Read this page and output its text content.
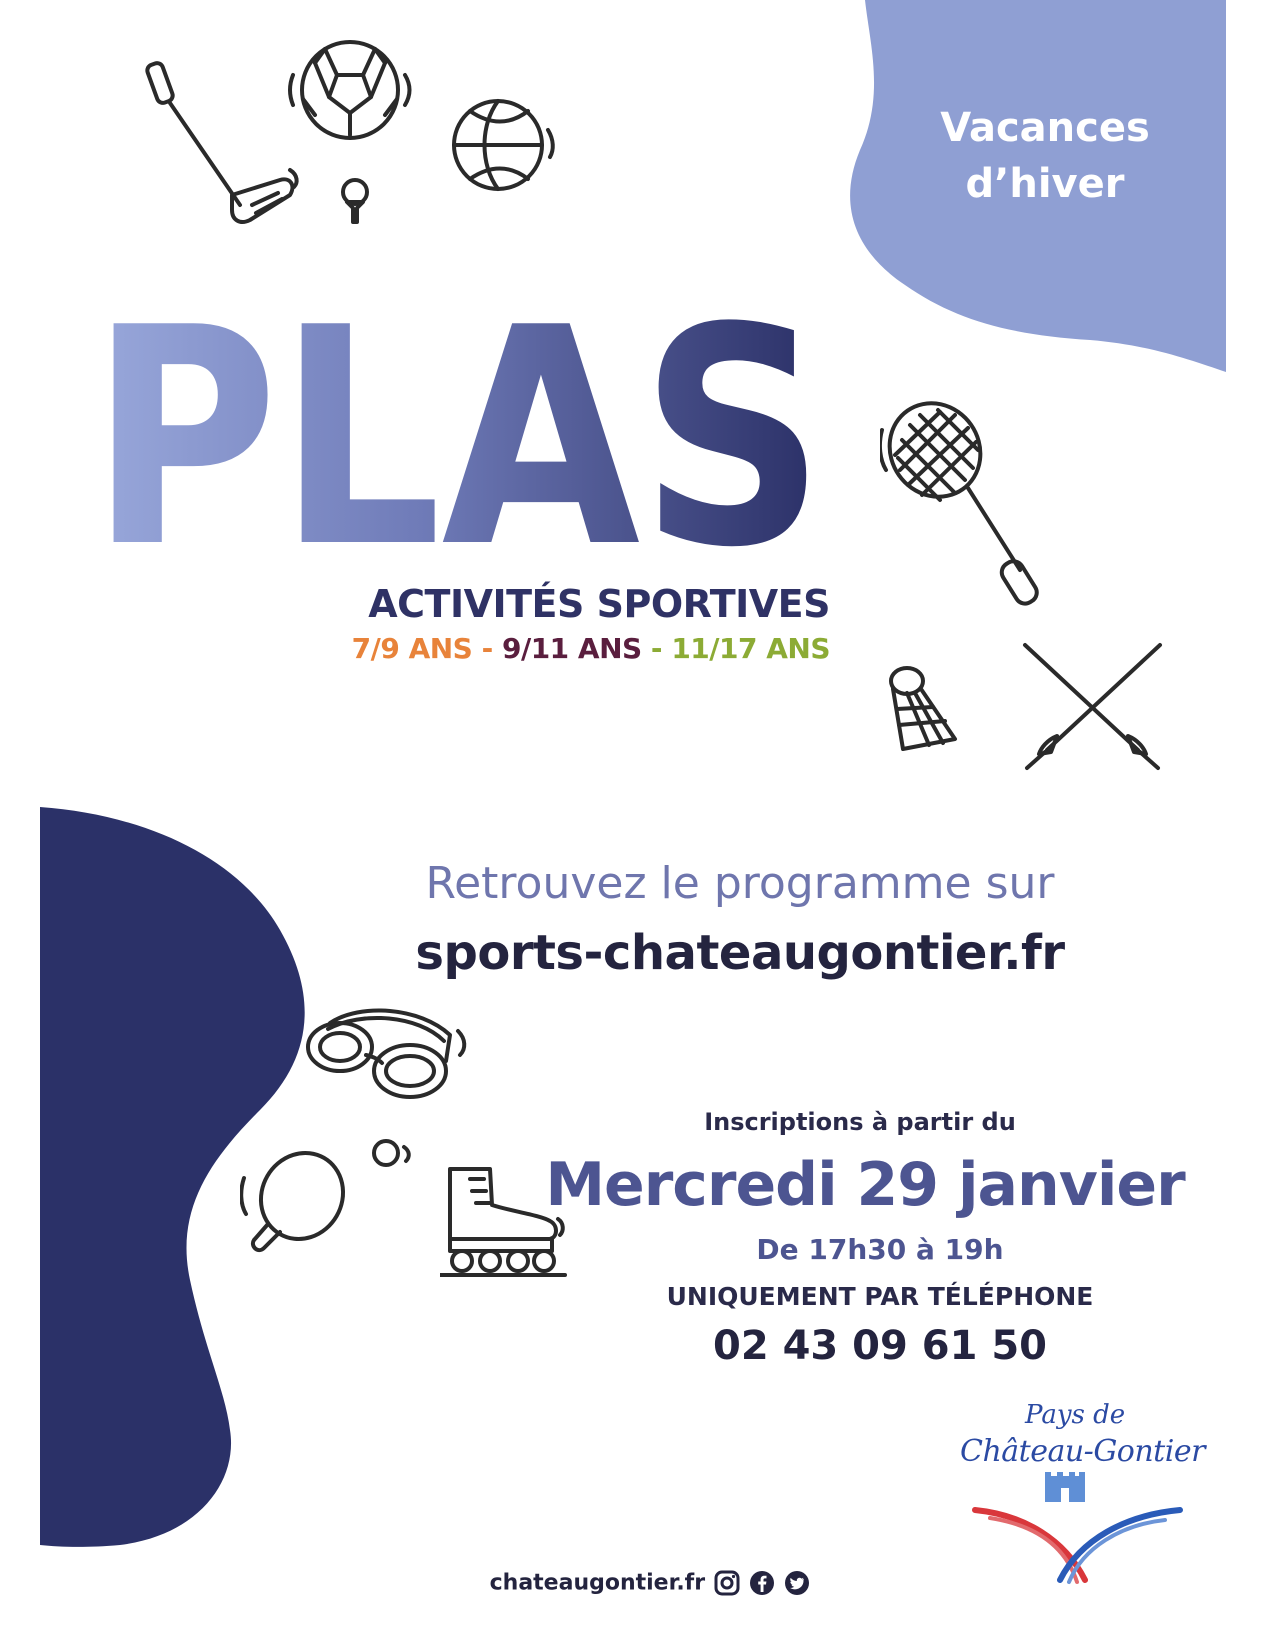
Vacances
d’hiver
PLAS
ACTIVITÉS SPORTIVES
7/9 ANS - 9/11 ANS - 11/17 ANS
Retrouvez le programme sur
sports-chateaugontier.fr
Inscriptions à partir du
Mercredi 29 janvier
De 17h30 à 19h
UNIQUEMENT PAR TÉLÉPHONE
02 43 09 61 50
Pays de
Château-Gontier
chateaugontier.fr
